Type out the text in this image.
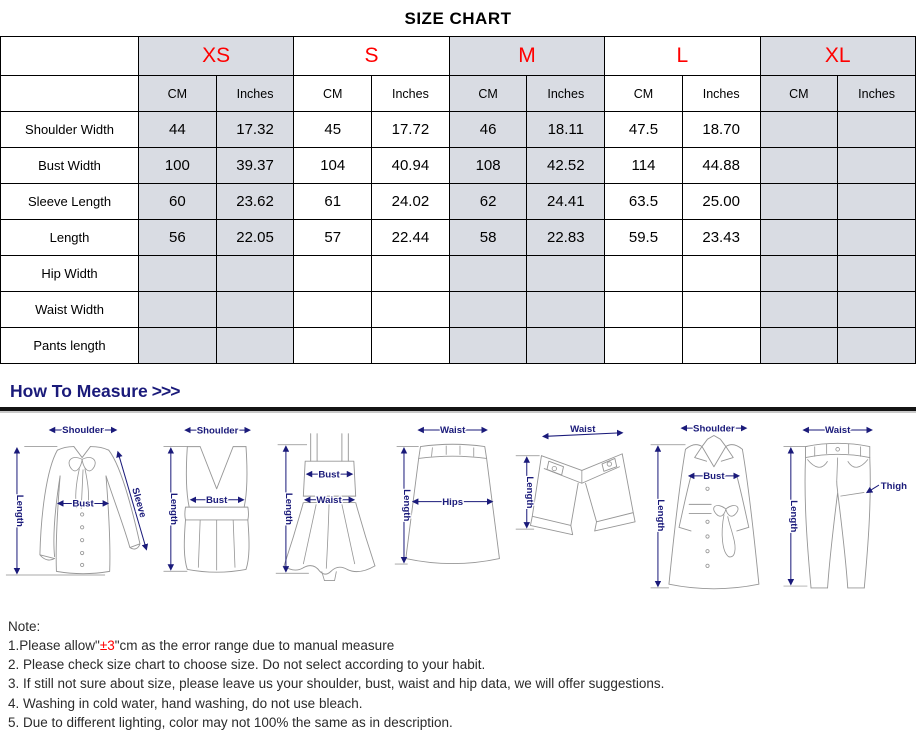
SIZE CHART
	XS		S		M		L		XL	
	CM	Inches	CM	Inches	CM	Inches	CM	Inches	CM	Inches
Shoulder Width	44	17.32	45	17.72	46	18.11	47.5	18.70		
Bust Width	100	39.37	104	40.94	108	42.52	114	44.88		
Sleeve Length	60	23.62	61	24.02	62	24.41	63.5	25.00		
Length	56	22.05	57	22.44	58	22.83	59.5	23.43		
Hip Width										
Waist Width										
Pants length										
How To Measure >>>
Shoulder
Length	Bust	Sleeve
Shoulder
Length	Bust	Length
Bust
Waist
Waist
Length	Hips
Waist
Length
Shoulder
Length
Bust
Waist
Length
Thigh
Note:
1.Please allow"±3"cm as the error range due to manual measure
2. Please check size chart to choose size. Do not select according to your habit.
3. If still not sure about size, please leave us your shoulder, bust, waist and hip data, we will offer suggestions.
4. Washing in cold water, hand washing, do not use bleach.
5. Due to different lighting, color may not 100% the same as in description.
